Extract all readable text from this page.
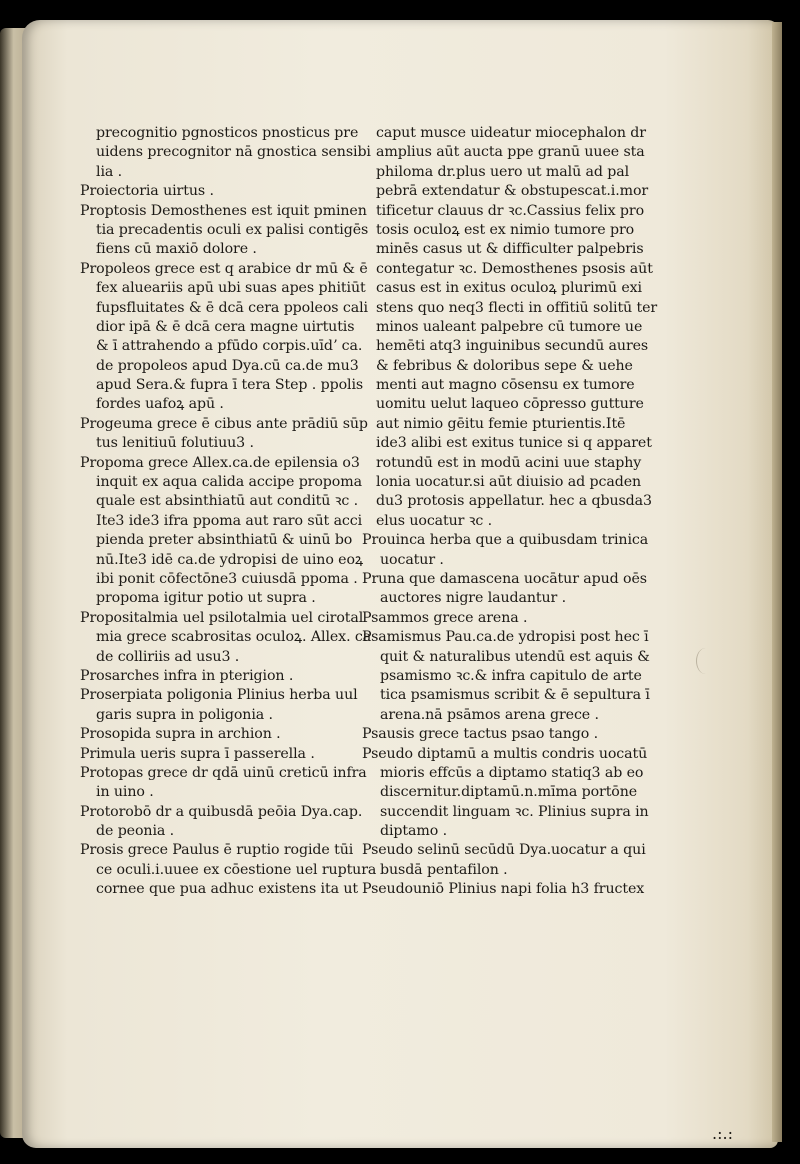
precognitio pgnosticos pnosticus pre
uidens precognitor nā gnostica sensibi
lia .
Proiectoria uirtus .
Proptosis Demosthenes est iquit pminen
tia precadentis oculi ex palisi contigēs
fiens cū maxiō dolore .
Propoleos grece est q arabice dr mū & ē
fex alueariis apū ubi suas apes phitiūt
fupsfluitates & ē dcā cera ppoleos cali
dior ipā & ē dcā cera magne uirtutis
& ī attrahendo a pfūdo corpis.uīdʼ ca.
de propoleos apud Dya.cū ca.de mu3
apud Sera.& fupra ī tera Step . ppolis
fordes uafoꝝ apū .
Progeuma grece ē cibus ante prādiū sūp
tus lenitiuū folutiuu3 .
Propoma grece Allex.ca.de epilensia o3
inquit ex aqua calida accipe propoma
quale est absinthiatū aut conditū ꝛc .
Ite3 ide3 ifra ppoma aut raro sūt acci
pienda preter absinthiatū & uinū bo
nū.Ite3 idē ca.de ydropisi de uino eoꝝ
ibi ponit cōfectōne3 cuiusdā ppoma .
propoma igitur potio ut supra .
Propositalmia uel psilotalmia uel cirotal
mia grece scabrositas oculoꝝ. Allex. ca
de colliriis ad usu3 .
Prosarches infra in pterigion .
Proserpiata poligonia Plinius herba uul
garis supra in poligonia .
Prosopida supra in archion .
Primula ueris supra ī passerella .
Protopas grece dr qdā uinū creticū infra
in uino .
Protorobō dr a quibusdā peōia Dya.cap.
de peonia .
Prosis grece Paulus ē ruptio rogide tūi
ce oculi.i.uuee ex cōestione uel ruptura
cornee que pua adhuc existens ita ut
caput musce uideatur miocephalon dr
amplius aūt aucta ppe granū uuee sta
philoma dr.plus uero ut malū ad pal
pebrā extendatur & obstupescat.i.mor
tificetur clauus dr ꝛc.Cassius felix pro
tosis oculoꝝ est ex nimio tumore pro
minēs casus ut & difficulter palpebris
contegatur ꝛc. Demosthenes psosis aūt
casus est in exitus oculoꝝ plurimū exi
stens quo neq3 flecti in offitiū solitū ter
minos ualeant palpebre cū tumore ue
hemēti atq3 inguinibus secundū aures
& febribus & doloribus sepe & uehe
menti aut magno cōsensu ex tumore
uomitu uelut laqueo cōpresso gutture
aut nimio gēitu femie pturientis.Itē
ide3 alibi est exitus tunice si q apparet
rotundū est in modū acini uue staphy
lonia uocatur.si aūt diuisio ad pcaden
du3 protosis appellatur. hec a qbusda3
elus uocatur ꝛc .
Prouinca herba que a quibusdam trinica
uocatur .
Pruna que damascena uocātur apud oēs
auctores nigre laudantur .
Psammos grece arena .
Psamismus Pau.ca.de ydropisi post hec ī
quit & naturalibus utendū est aquis &
psamismo ꝛc.& infra capitulo de arte
tica psamismus scribit & ē sepultura ī
arena.nā psāmos arena grece .
Psausis grece tactus psao tango .
Pseudo diptamū a multis condris uocatū
mioris effcūs a diptamo statiq3 ab eo
discernitur.diptamū.n.mīma portōne
succendit linguam ꝛc. Plinius supra in
diptamo .
Pseudo selinū secūdū Dya.uocatur a qui
busdā pentafilon .
Pseudouniō Plinius napi folia h3 fructex
.:.:
